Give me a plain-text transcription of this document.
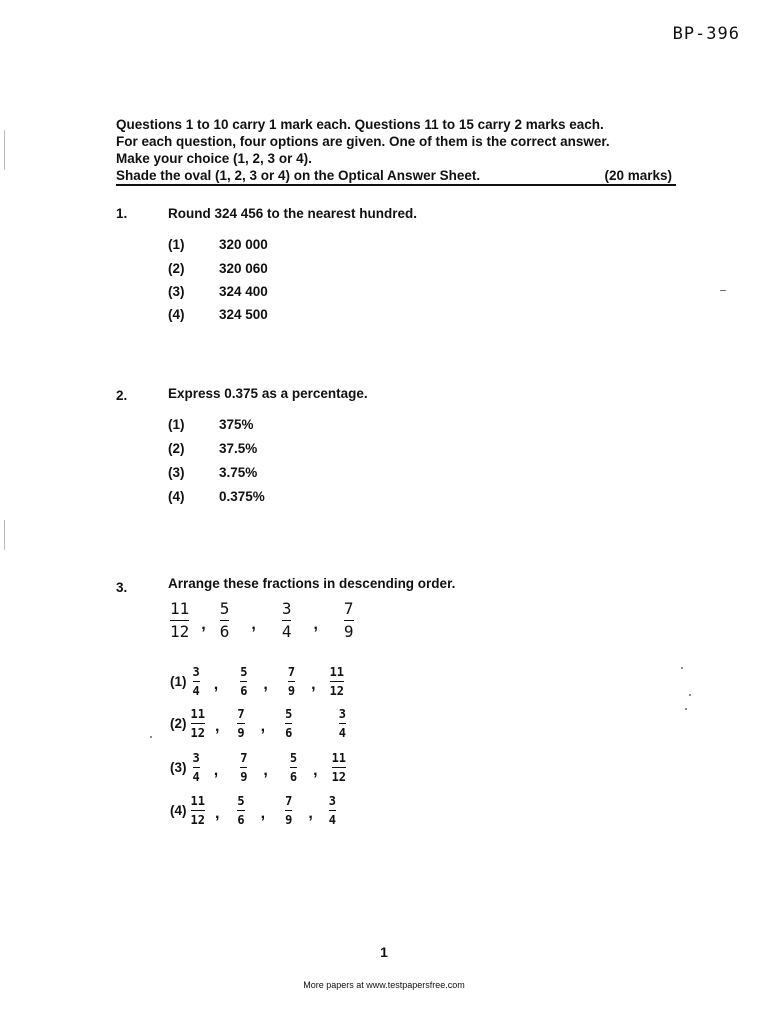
BP-396
Questions 1 to 10 carry 1 mark each. Questions 11 to 15 carry 2 marks each.
For each question, four options are given. One of them is the correct answer.
Make your choice (1, 2, 3 or 4).
Shade the oval (1, 2, 3 or 4) on the Optical Answer Sheet.	(20 marks)
1.	Round 324 456 to the nearest hundred.
(1)	320 000
(2)	320 060
(3)	324 400
(4)	324 500
2.	Express 0.375 as a percentage.
(1)	375%
(2)	37.5%
(3)	3.75%
(4)	0.375%
3.	Arrange these fractions in descending order.
$\frac{11}{12}$ , $\frac{5}{6}$ , $\frac{3}{4}$ , $\frac{7}{9}$
$(1) \frac{3}{4}$ , $\frac{5}{6}$ , $\frac{7}{9}$ , $\frac{11}{12}$
$(2) \frac{11}{12}$ , $\frac{7}{9}$ , $\frac{5}{6}$	$\frac{3}{4}$
$(3) \frac{3}{4}$ , $\frac{7}{9}$ , $\frac{5}{6}$ , $\frac{11}{12}$
$(4) \frac{11}{12}$ , $\frac{5}{6}$ , $\frac{7}{9}$ , $\frac{3}{4}$
1
More papers at www.testpapersfree.com
